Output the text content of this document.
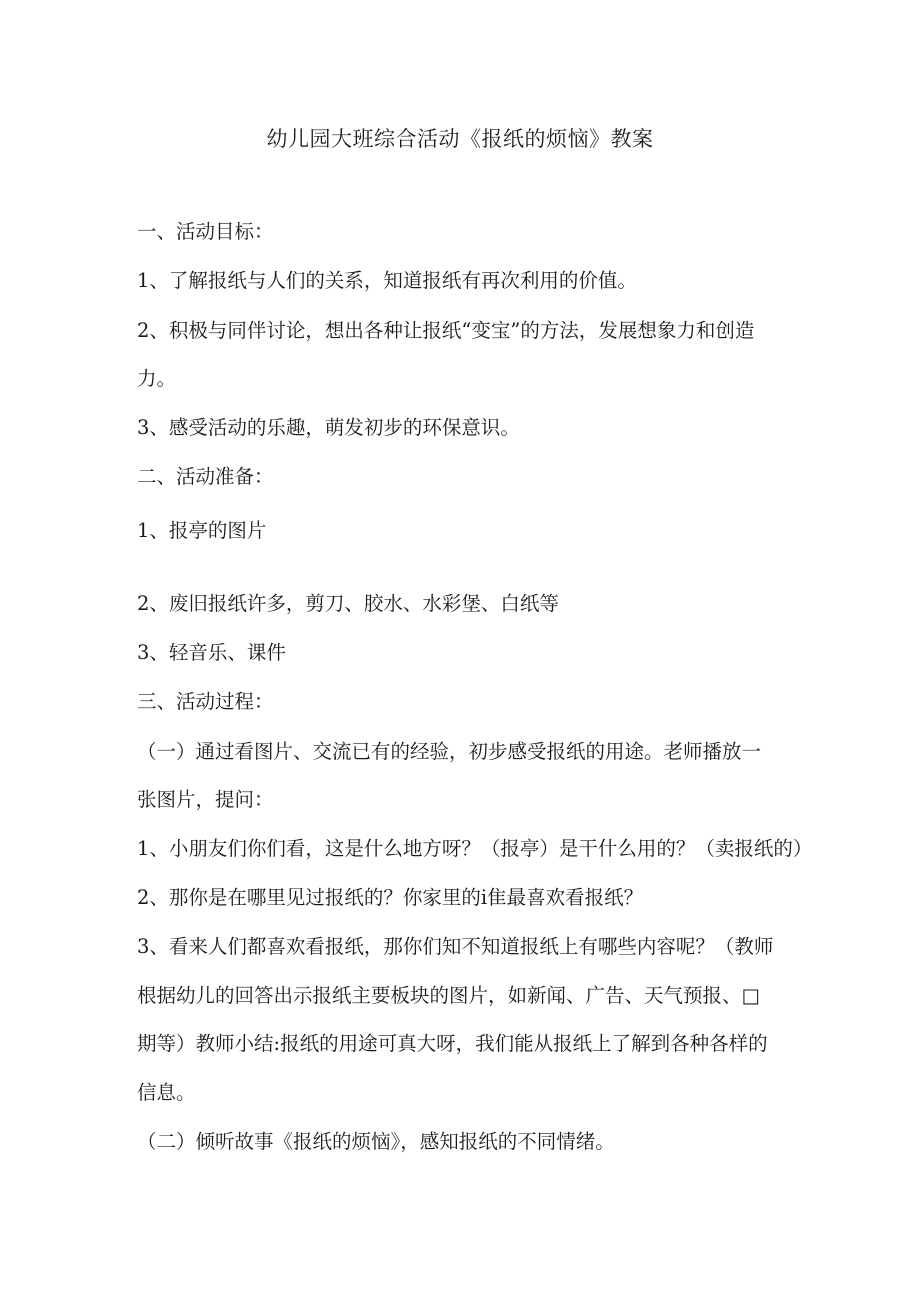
幼儿园大班综合活动《报纸的烦恼》教案

一、活动目标：

1、了解报纸与人们的关系，知道报纸有再次利用的价值。

2、积极与同伴讨论，想出各种让报纸“变宝”的方法，发展想象力和创造

力。

3、感受活动的乐趣，萌发初步的环保意识。

二、活动准备：

1、报亭的图片

2、废旧报纸许多，剪刀、胶水、水彩堡、白纸等

3、轻音乐、课件

三、活动过程：

（一）通过看图片、交流已有的经验，初步感受报纸的用途。老师播放一

张图片，提问：

1、小朋友们你们看，这是什么地方呀？（报亭）是干什么用的？（卖报纸的）

2、那你是在哪里见过报纸的？你家里的i隹最喜欢看报纸？

3、看来人们都喜欢看报纸，那你们知不知道报纸上有哪些内容呢？（教师

根据幼儿的回答出示报纸主要板块的图片，如新闻、广告、天气预报、□

期等）教师小结:报纸的用途可真大呀，我们能从报纸上了解到各种各样的

信息。

（二）倾听故事《报纸的烦恼》，感知报纸的不同情绪。
